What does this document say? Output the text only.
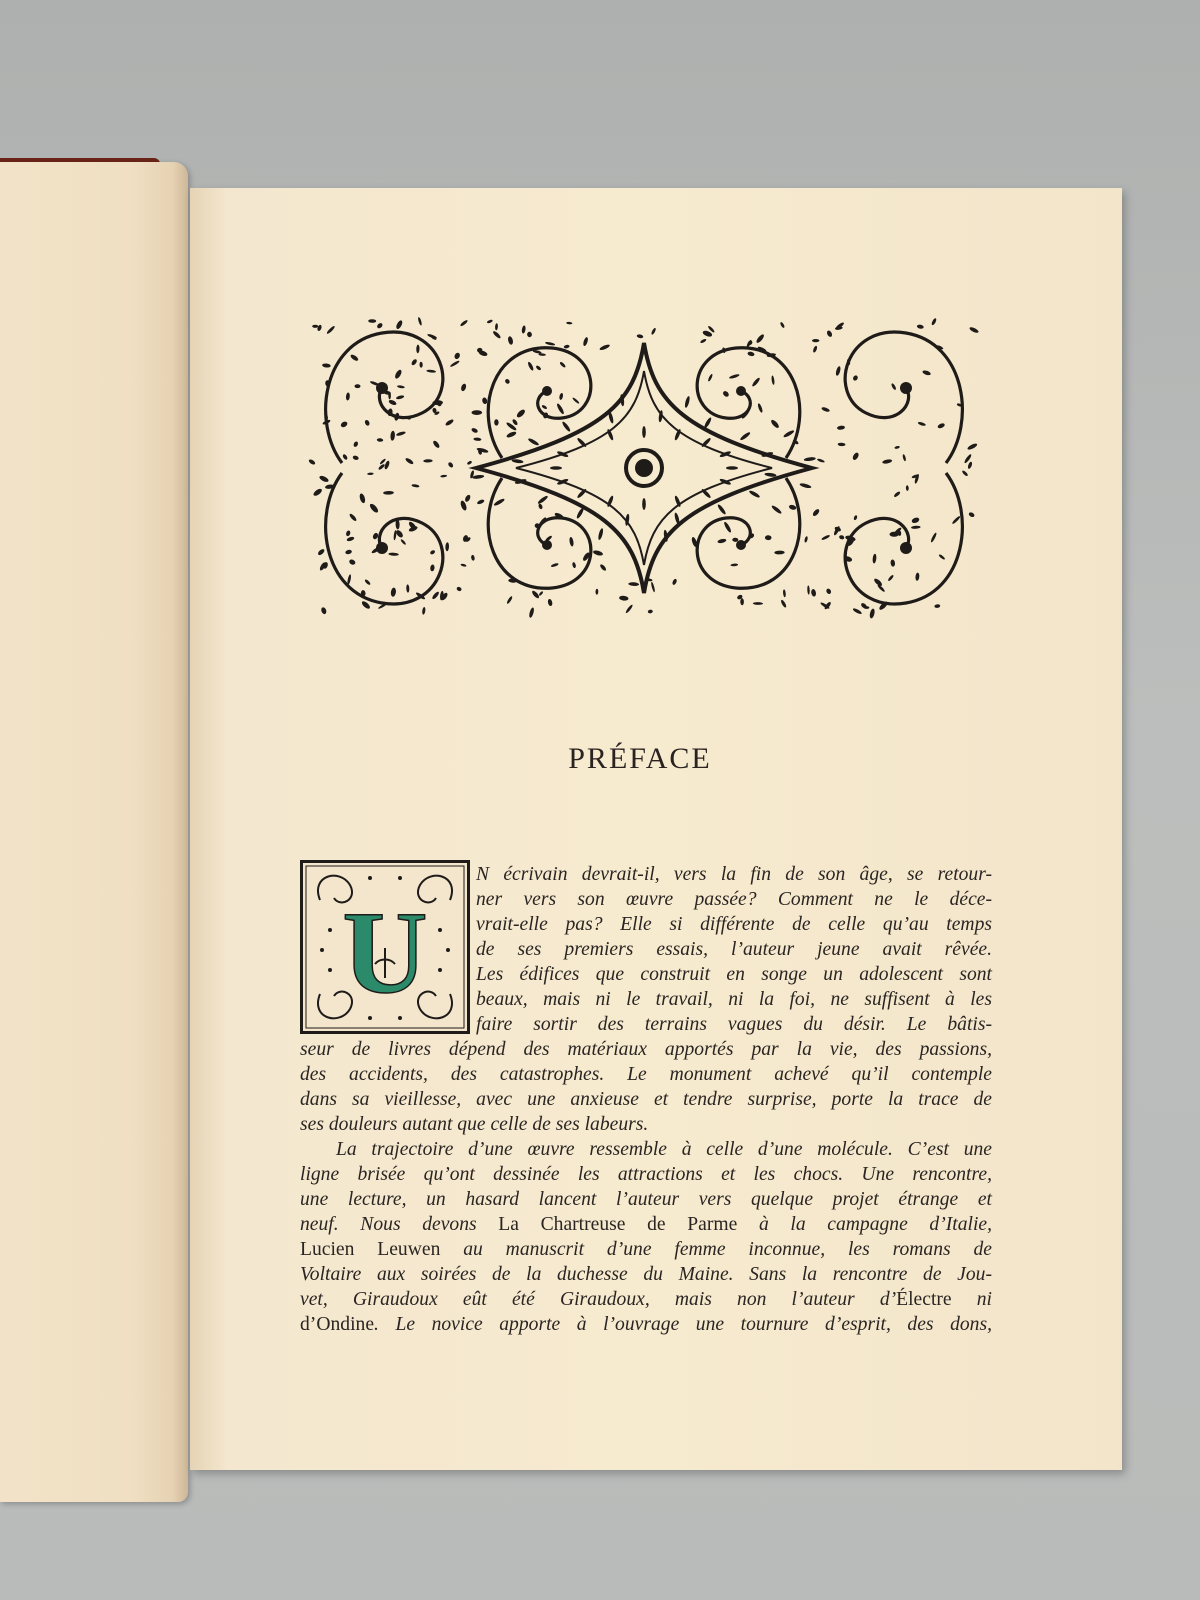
PRÉFACE
U
N écrivain devrait-il, vers la fin de son âge, se retour-
ner vers son œuvre passée? Comment ne le déce-
vrait-elle pas? Elle si différente de celle qu’au temps
de ses premiers essais, l’auteur jeune avait rêvée.
Les édifices que construit en songe un adolescent sont
beaux, mais ni le travail, ni la foi, ne suffisent à les
faire sortir des terrains vagues du désir. Le bâtis-
seur de livres dépend des matériaux apportés par la vie, des passions,
des accidents, des catastrophes. Le monument achevé qu’il contemple
dans sa vieillesse, avec une anxieuse et tendre surprise, porte la trace de
ses douleurs autant que celle de ses labeurs.
La trajectoire d’une œuvre ressemble à celle d’une molécule. C’est une
ligne brisée qu’ont dessinée les attractions et les chocs. Une rencontre,
une lecture, un hasard lancent l’auteur vers quelque projet étrange et
neuf. Nous devons La Chartreuse de Parme à la campagne d’Italie,
Lucien Leuwen au manuscrit d’une femme inconnue, les romans de
Voltaire aux soirées de la duchesse du Maine. Sans la rencontre de Jou-
vet, Giraudoux eût été Giraudoux, mais non l’auteur d’Électre ni
d’Ondine. Le novice apporte à l’ouvrage une tournure d’esprit, des dons,
